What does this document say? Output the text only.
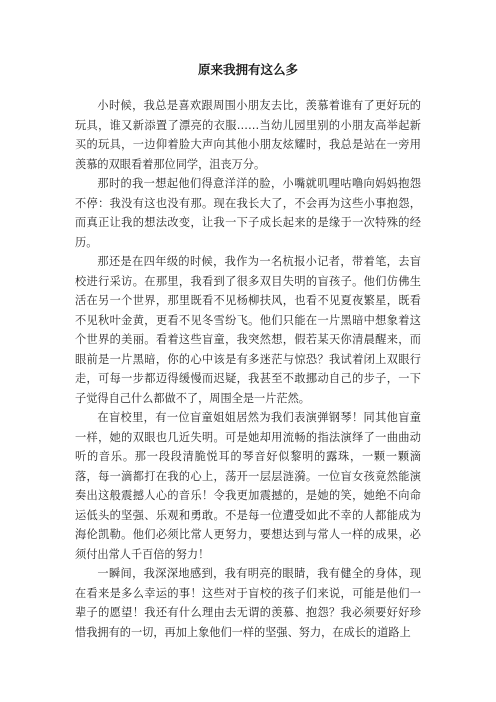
原来我拥有这么多

小时候，我总是喜欢跟周围小朋友去比，羡慕着谁有了更好玩的玩具，谁又新添置了漂亮的衣服……当幼儿园里别的小朋友高举起新买的玩具，一边仰着脸大声向其他小朋友炫耀时，我总是站在一旁用羡慕的双眼看着那位同学，沮丧万分。

那时的我一想起他们得意洋洋的脸，小嘴就叽哩咕噜向妈妈抱怨不停：我没有这也没有那。现在我长大了，不会再为这些小事抱怨，而真正让我的想法改变，让我一下子成长起来的是缘于一次特殊的经历。

那还是在四年级的时候，我作为一名杭报小记者，带着笔，去盲校进行采访。在那里，我看到了很多双目失明的盲孩子。他们仿佛生活在另一个世界，那里既看不见杨柳扶风，也看不见夏夜繁星，既看不见秋叶金黄，更看不见冬雪纷飞。他们只能在一片黑暗中想象着这个世界的美丽。看着这些盲童，我突然想，假若某天你清晨醒来，而眼前是一片黑暗，你的心中该是有多迷茫与惊恐？我试着闭上双眼行走，可每一步都迈得缓慢而迟疑，我甚至不敢挪动自己的步子，一下子觉得自己什么都做不了，周围全是一片茫然。

在盲校里，有一位盲童姐姐居然为我们表演弹钢琴！同其他盲童一样，她的双眼也几近失明。可是她却用流畅的指法演绎了一曲曲动听的音乐。那一段段清脆悦耳的琴音好似黎明的露珠，一颗一颗滴落，每一滴都打在我的心上，荡开一层层涟漪。一位盲女孩竟然能演奏出这般震撼人心的音乐！令我更加震撼的，是她的笑，她绝不向命运低头的坚强、乐观和勇敢。不是每一位遭受如此不幸的人都能成为海伦凯勒。他们必须比常人更努力，要想达到与常人一样的成果，必须付出常人千百倍的努力！

一瞬间，我深深地感到，我有明亮的眼睛，我有健全的身体，现在看来是多么幸运的事！这些对于盲校的孩子们来说，可能是他们一辈子的愿望！我还有什么理由去无谓的羡慕、抱怨？我必须要好好珍惜我拥有的一切，再加上象他们一样的坚强、努力，在成长的道路上
